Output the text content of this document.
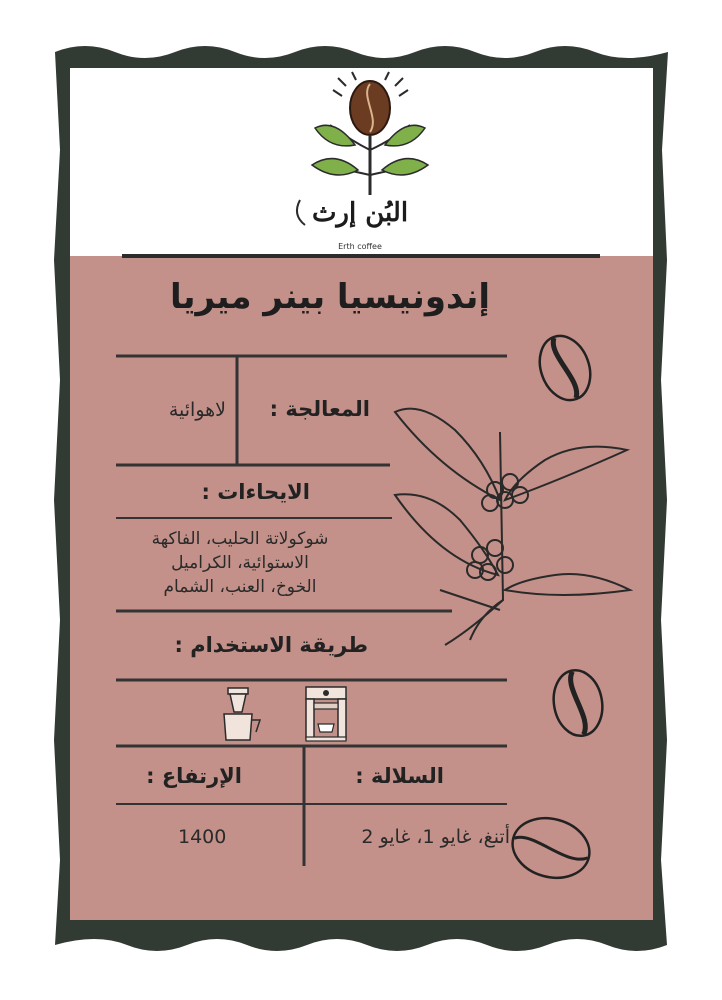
البُن إرث
Erth coffee
إندونيسيا بينر ميريا
المعالجة :
لاهوائية
الايحاءات :
شوكولاتة الحليب، الفاكهة
الاستوائية، الكراميل
الخوخ، العنب، الشمام
طريقة الاستخدام :
السلالة :
الإرتفاع :
أتنغ، غايو 1، غايو 2
1400
